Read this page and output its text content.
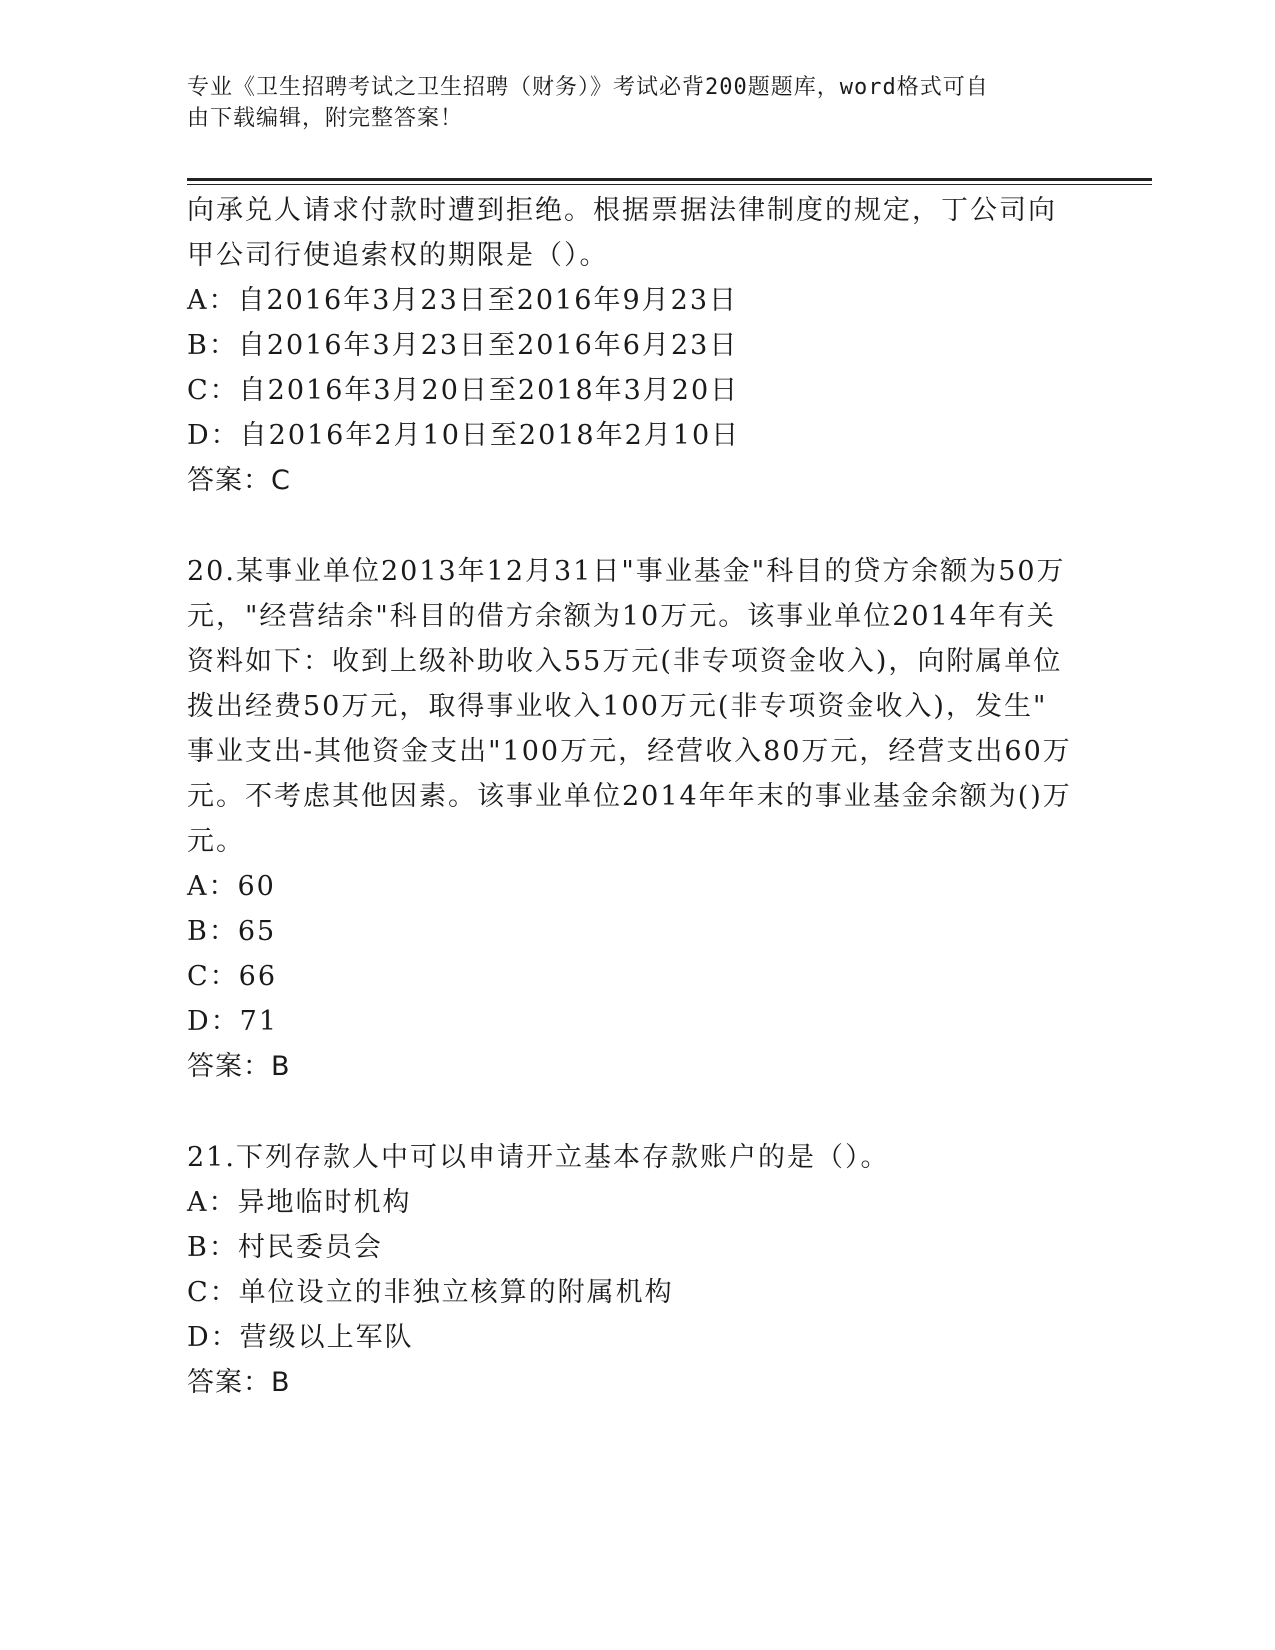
专业《卫生招聘考试之卫生招聘（财务）》考试必背200题题库，word格式可自
由下载编辑，附完整答案！
向承兑人请求付款时遭到拒绝。根据票据法律制度的规定，丁公司向
甲公司行使追索权的期限是（）。
A：自2016年3月23日至2016年9月23日
B：自2016年3月23日至2016年6月23日
C：自2016年3月20日至2018年3月20日
D：自2016年2月10日至2018年2月10日
答案：C
20.某事业单位2013年12月31日"事业基金"科目的贷方余额为50万
元，"经营结余"科目的借方余额为10万元。该事业单位2014年有关
资料如下：收到上级补助收入55万元(非专项资金收入)，向附属单位
拨出经费50万元，取得事业收入100万元(非专项资金收入)，发生"
事业支出-其他资金支出"100万元，经营收入80万元，经营支出60万
元。不考虑其他因素。该事业单位2014年年末的事业基金余额为()万
元。
A：60
B：65
C：66
D：71
答案：B
21.下列存款人中可以申请开立基本存款账户的是（）。
A：异地临时机构
B：村民委员会
C：单位设立的非独立核算的附属机构
D：营级以上军队
答案：B
